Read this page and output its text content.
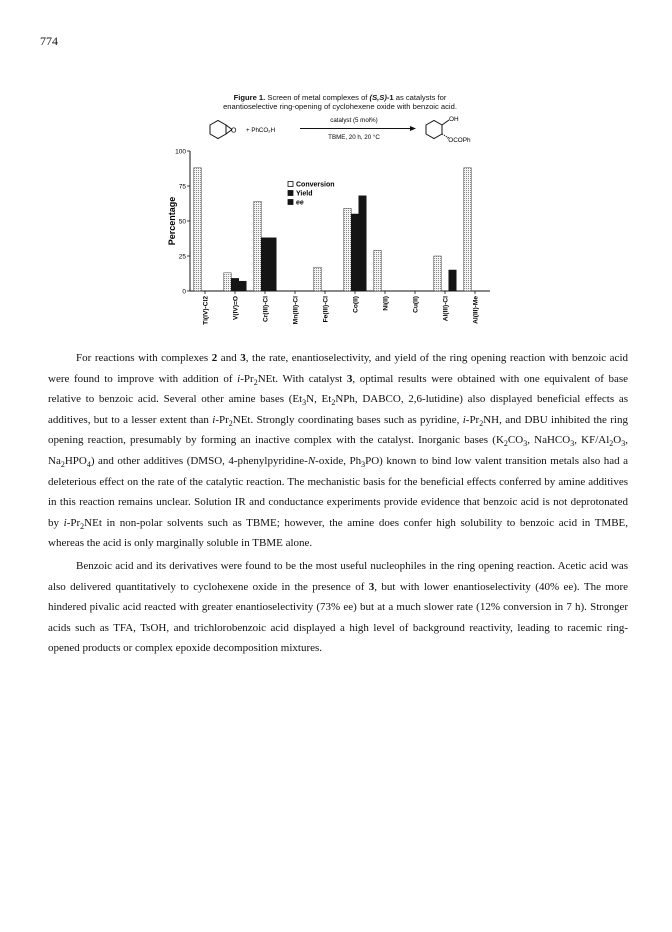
774
Figure 1. Screen of metal complexes of (S,S)-1 as catalysts for
enantioselective ring-opening of cyclohexene oxide with benzoic acid.
O + PhCO₂H
catalyst (5 mol%)
TBME, 20 h, 20 °C
OH
'OCOPh
0
25
50
75
100
Percentage
Ti(IV)-Cl2	V(IV)=O	Cr(III)-Cl	Mn(III)-Cl	Fe(III)-Cl	Co(II)	Ni(II)	Cu(II)	Al(III)-Cl	Al(III)-Me
Conversion
Yield
ee

For reactions with complexes 2 and 3, the rate, enantioselectivity, and yield of the ring opening reaction with benzoic acid were found to improve with addition of $i-Pr_2NEt$. With catalyst 3, optimal results were obtained with one equivalent of base relative to benzoic acid. Several other amine bases ($Et_3N$, $Et_2NPh$, DABCO, 2,6-lutidine) also displayed beneficial effects as additives, but to a lesser extent than $i-Pr_2NEt$. Strongly coordinating bases such as pyridine, $i-Pr_2NH$, and DBU inhibited the ring opening reaction, presumably by forming an inactive complex with the catalyst. Inorganic bases ($K_2CO_3$, NaHCO$_3$, $KF/Al_2O_3$, $Na_2HPO_4$) and other additives (DMSO, 4-phenylpyridine-N-oxide, $Ph_3PO$) known to bind low valent transition metals also had a deleterious effect on the rate of the catalytic reaction. The mechanistic basis for the beneficial effects conferred by amine additives in this reaction remains unclear. Solution IR and conductance experiments provide evidence that benzoic acid is not deprotonated by $i-Pr_2NEt$ in non-polar solvents such as TBME; however, the amine does confer high solubility to benzoic acid in TMBE, whereas the acid is only marginally soluble in TBME alone.

Benzoic acid and its derivatives were found to be the most useful nucleophiles in the ring opening reaction. Acetic acid was also delivered quantitatively to cyclohexene oxide in the presence of 3, but with lower enantioselectivity (40% ee). The more hindered pivalic acid reacted with greater enantioselectivity (73% ee) but at a much slower rate (12% conversion in 7 h). Stronger acids such as TFA, TsOH, and trichlorobenzoic acid displayed a high level of background reactivity, leading to racemic ring-opened products or complex epoxide decomposition mixtures.
